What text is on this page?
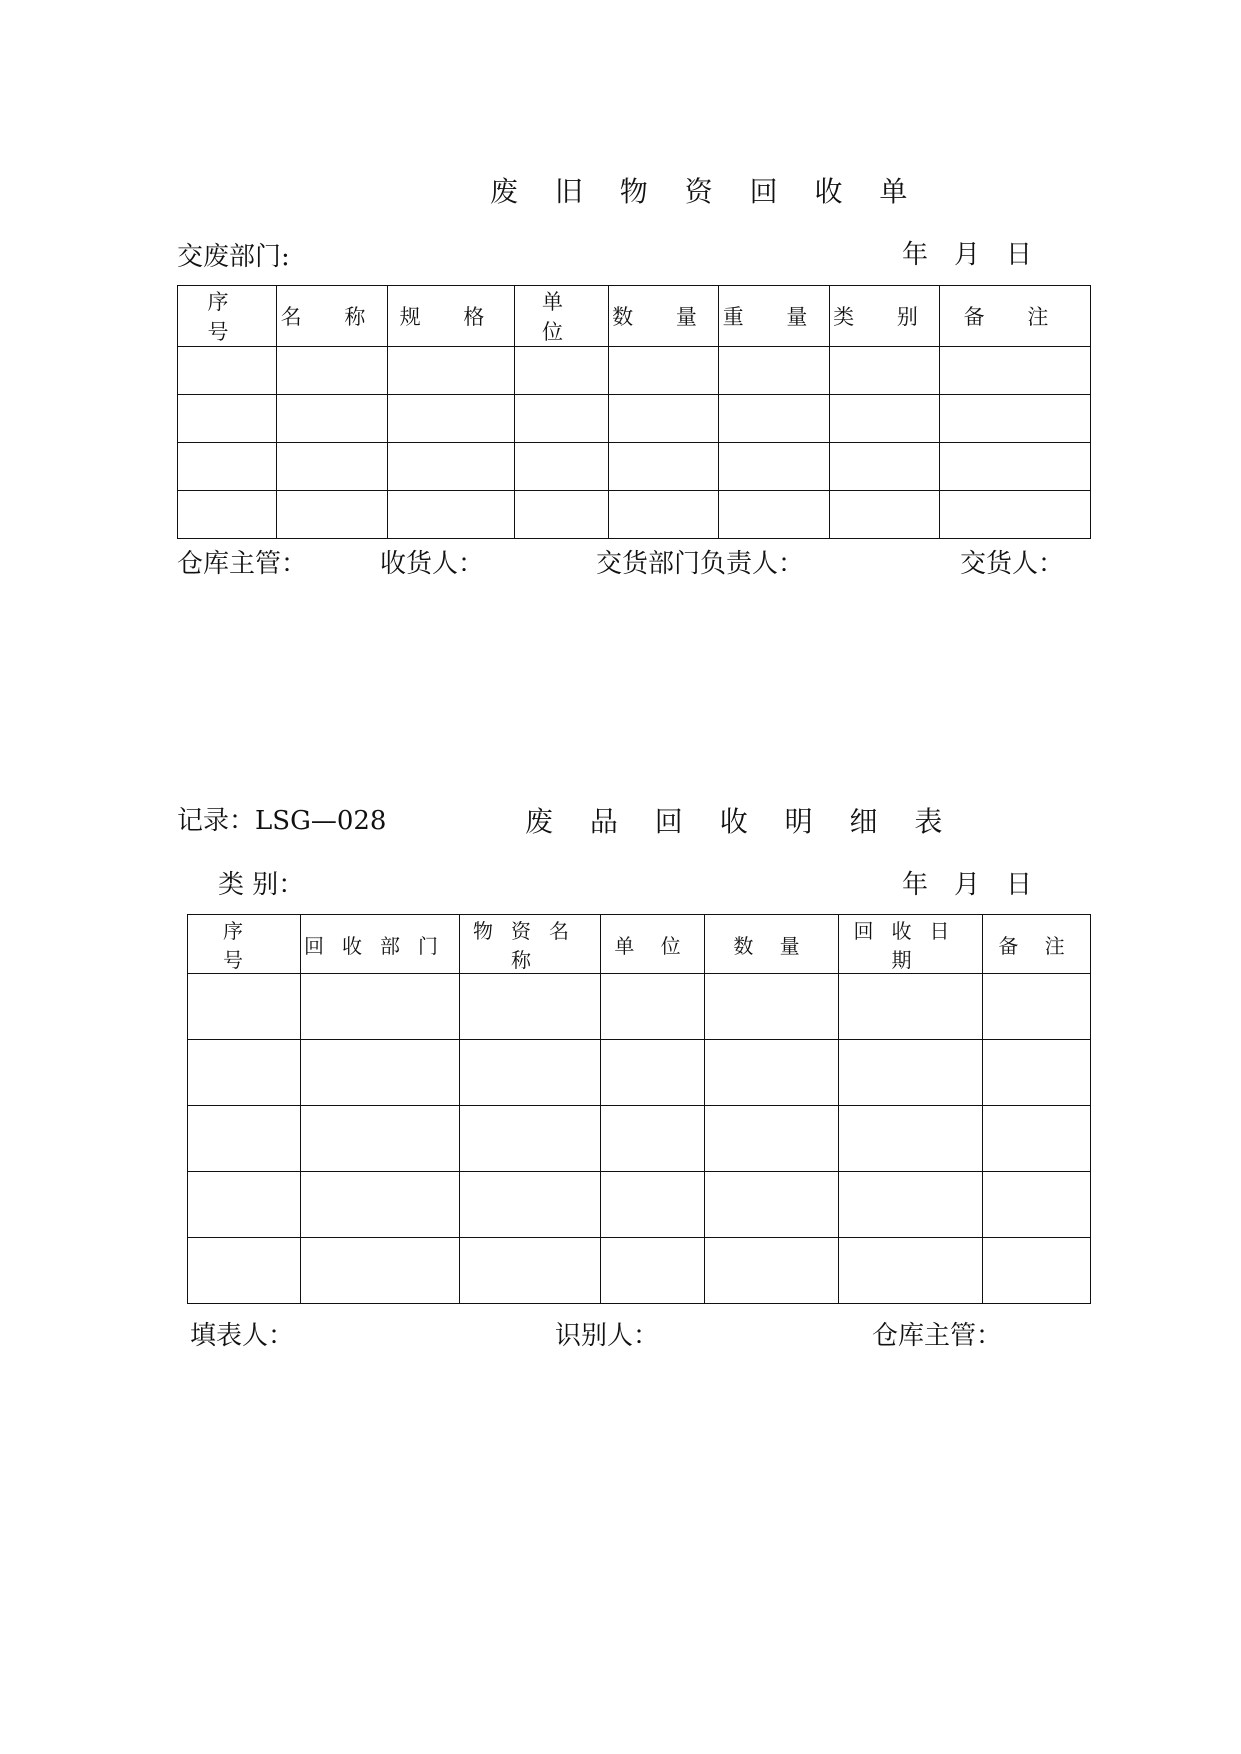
废 旧 物 资 回 收 单
交废部门:	年　月　日
序 号	名 称	规 格	单 位	数 量	重 量	类 别	备 注

仓库主管：	收货人：	交货部门负责人：	交货人：
记录：LSG—028	废 品 回 收 明 细 表
类 别：	年　月　日
序 号	回收部门	物资名称	单 位	数 量	回收日期	备 注

填表人：	识别人：	仓库主管：
